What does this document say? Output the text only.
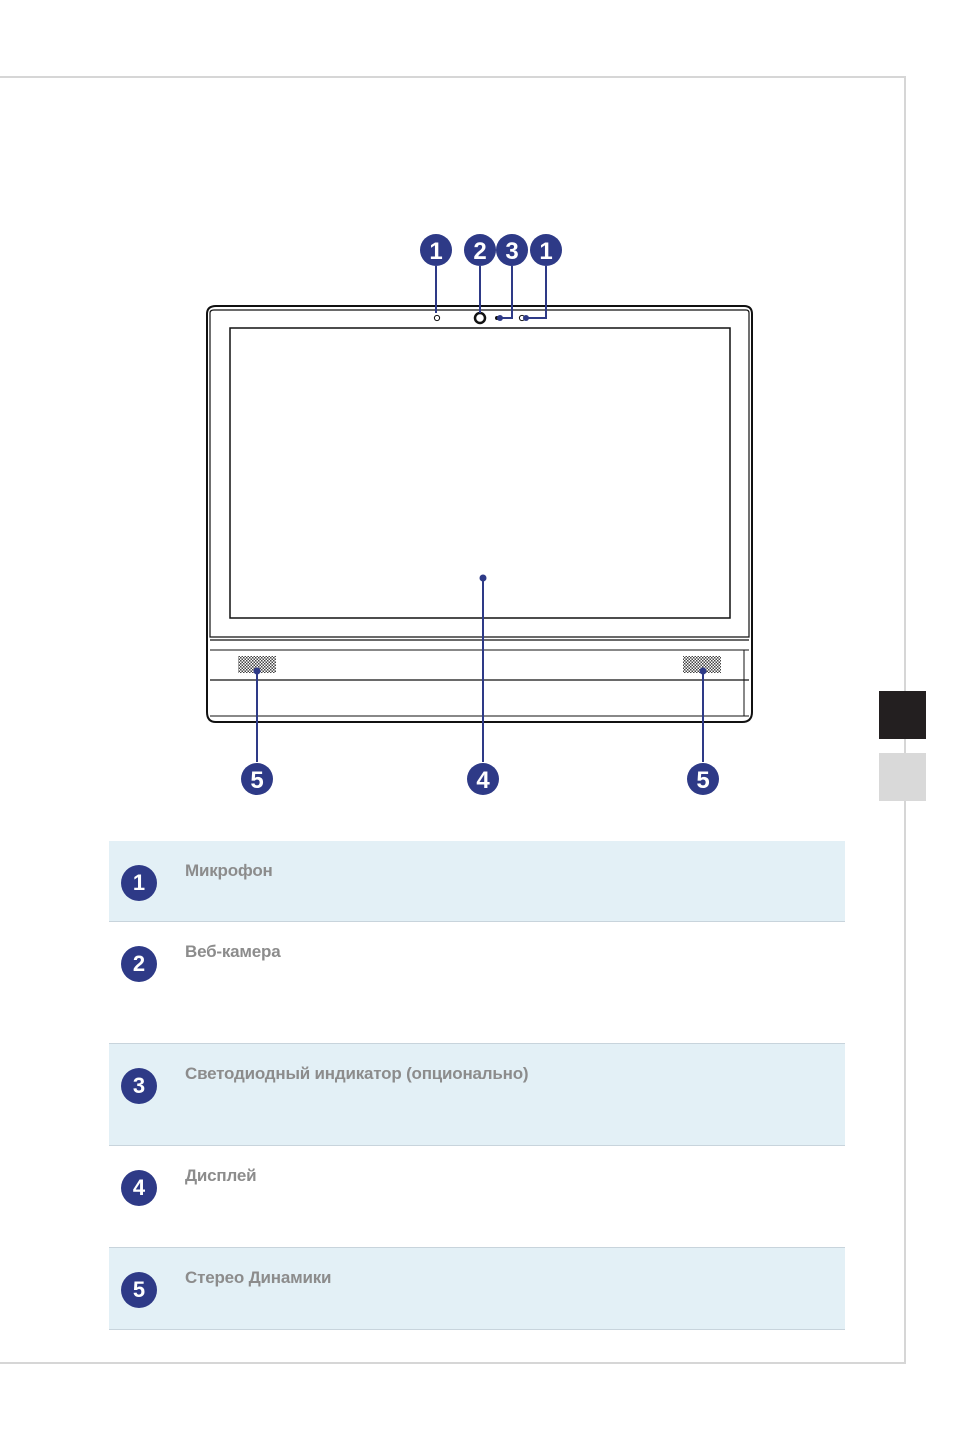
1 2 3 1
5	4	5
1	Микрофон
2	Веб-камера
3	Светодиодный индикатор (опционально)
4	Дисплей
5	Стерео Динамики
